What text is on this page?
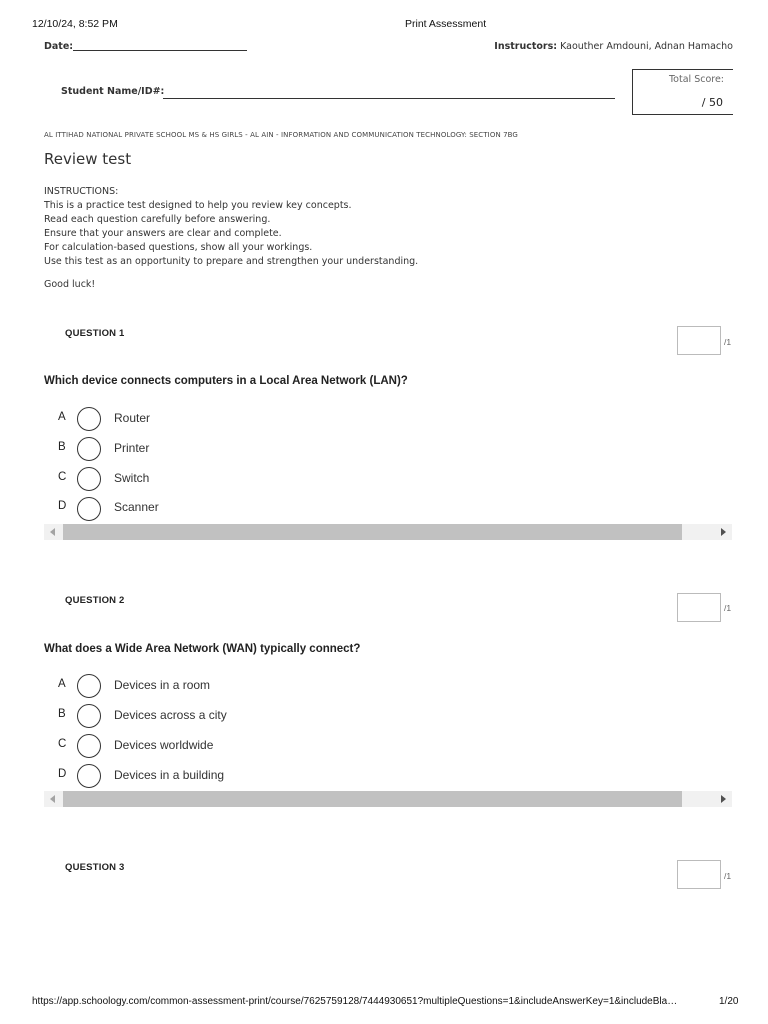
12/10/24, 8:52 PM	Print Assessment
Date:	Instructors: Kaouther Amdouni, Adnan Hamacho
Student Name/ID#:
Total Score:
/ 50
AL ITTIHAD NATIONAL PRIVATE SCHOOL MS & HS GIRLS - AL AIN - INFORMATION AND COMMUNICATION TECHNOLOGY: SECTION 7BG
Review test
INSTRUCTIONS:
This is a practice test designed to help you review key concepts.
Read each question carefully before answering.
Ensure that your answers are clear and complete.
For calculation-based questions, show all your workings.
Use this test as an opportunity to prepare and strengthen your understanding.
Good luck!
QUESTION 1
/1
Which device connects computers in a Local Area Network (LAN)?
A	Router
B	Printer
C	Switch
D	Scanner
QUESTION 2
/1
What does a Wide Area Network (WAN) typically connect?
A	Devices in a room
B	Devices across a city
C	Devices worldwide
D	Devices in a building
QUESTION 3
/1
https://app.schoology.com/common-assessment-print/course/7625759128/7444930651?multipleQuestions=1&includeAnswerKey=1&includeBla…	1/20
